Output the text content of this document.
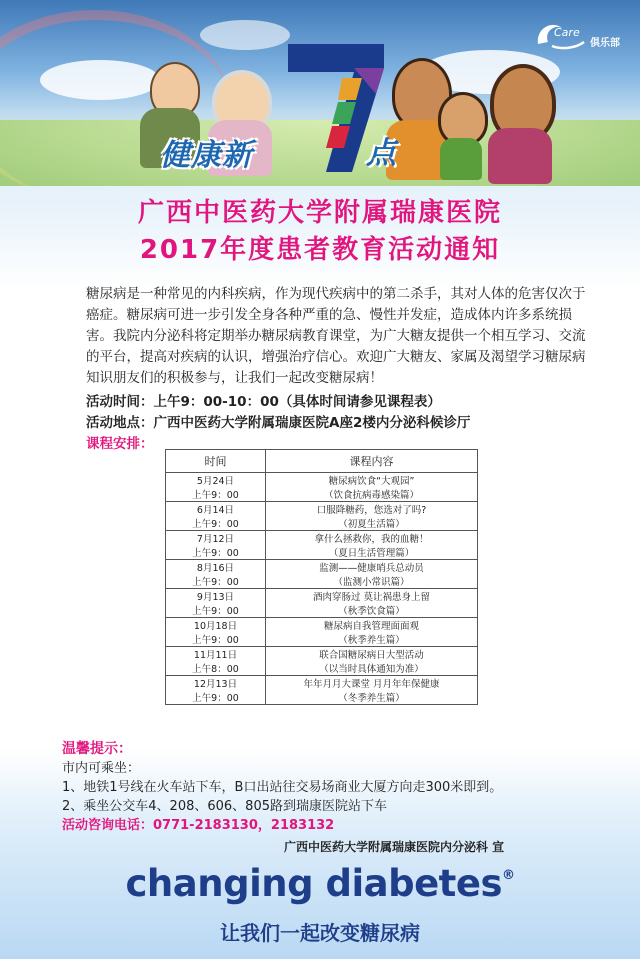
健康新	点
Care
俱乐部
广西中医药大学附属瑞康医院
2017年度患者教育活动通知
糖尿病是一种常见的内科疾病，作为现代疾病中的第二杀手，其对人体的危害仅次于癌症。糖尿病可进一步引发全身各种严重的急、慢性并发症，造成体内许多系统损害。我院内分泌科将定期举办糖尿病教育课堂，为广大糖友提供一个相互学习、交流的平台，提高对疾病的认识，增强治疗信心。欢迎广大糖友、家属及渴望学习糖尿病知识朋友们的积极参与，让我们一起改变糖尿病！
活动时间：上午9：00-10：00（具体时间请参见课程表）
活动地点：广西中医药大学附属瑞康医院A座2楼内分泌科候诊厅
课程安排：
时间	课程内容
5月24日	糖尿病饮食“大观园”
上午9：00	（饮食抗病毒感染篇）
6月14日	口服降糖药，您选对了吗?
上午9：00	（初夏生活篇）
7月12日	拿什么拯救你，我的血糖！
上午9：00	（夏日生活管理篇）
8月16日	监测——健康哨兵总动员
上午9：00	（监测小常识篇）
9月13日	酒肉穿肠过 莫让祸患身上留
上午9：00	（秋季饮食篇）
10月18日	糖尿病自我管理面面观
上午9：00	（秋季养生篇）
11月11日	联合国糖尿病日大型活动
上午8：00	（以当时具体通知为准）
12月13日	年年月月大课堂 月月年年保健康
上午9：00	（冬季养生篇）
温馨提示：
市内可乘坐：
1、地铁1号线在火车站下车，B口出站往交易场商业大厦方向走300米即到。
2、乘坐公交车4、208、606、805路到瑞康医院站下车
活动咨询电话：0771-2183130，2183132
广西中医药大学附属瑞康医院内分泌科 宣
changing diabetes®
让我们一起改变糖尿病
